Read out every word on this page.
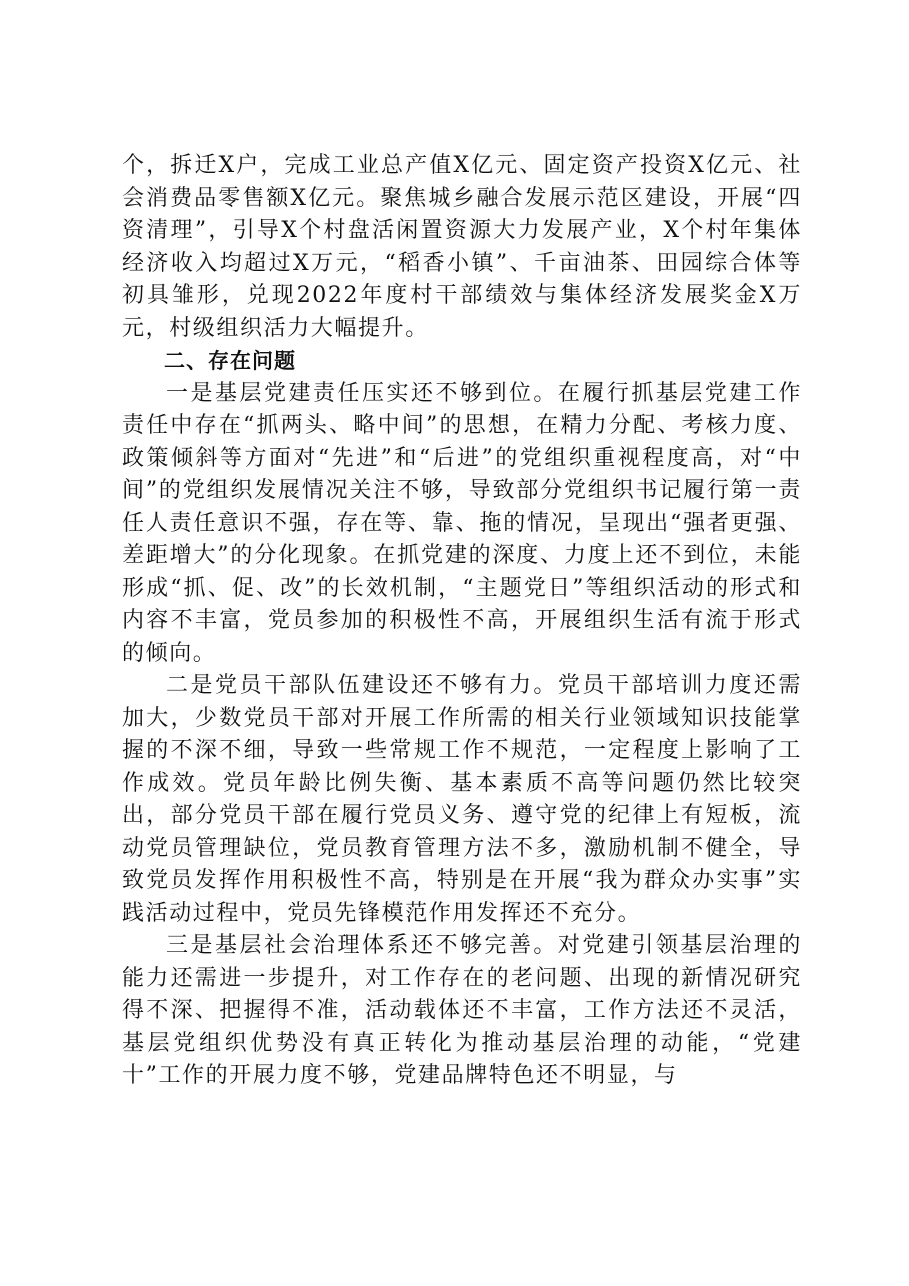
个，拆迁X户，完成工业总产值X亿元、固定资产投资X亿元、社会消费品零售额X亿元。聚焦城乡融合发展示范区建设，开展“四资清理”，引导X个村盘活闲置资源大力发展产业，X个村年集体经济收入均超过X万元，“稻香小镇”、千亩油茶、田园综合体等初具雏形，兑现2022年度村干部绩效与集体经济发展奖金X万元，村级组织活力大幅提升。

二、存在问题

一是基层党建责任压实还不够到位。在履行抓基层党建工作责任中存在“抓两头、略中间”的思想，在精力分配、考核力度、政策倾斜等方面对“先进”和“后进”的党组织重视程度高，对“中间”的党组织发展情况关注不够，导致部分党组织书记履行第一责任人责任意识不强，存在等、靠、拖的情况，呈现出“强者更强、差距增大”的分化现象。在抓党建的深度、力度上还不到位，未能形成“抓、促、改”的长效机制，“主题党日”等组织活动的形式和内容不丰富，党员参加的积极性不高，开展组织生活有流于形式的倾向。

二是党员干部队伍建设还不够有力。党员干部培训力度还需加大，少数党员干部对开展工作所需的相关行业领域知识技能掌握的不深不细，导致一些常规工作不规范，一定程度上影响了工作成效。党员年龄比例失衡、基本素质不高等问题仍然比较突出，部分党员干部在履行党员义务、遵守党的纪律上有短板，流动党员管理缺位，党员教育管理方法不多，激励机制不健全，导致党员发挥作用积极性不高，特别是在开展“我为群众办实事”实践活动过程中，党员先锋模范作用发挥还不充分。

三是基层社会治理体系还不够完善。对党建引领基层治理的能力还需进一步提升，对工作存在的老问题、出现的新情况研究得不深、把握得不准，活动载体还不丰富，工作方法还不灵活，基层党组织优势没有真正转化为推动基层治理的动能，“党建十”工作的开展力度不够，党建品牌特色还不明显，与
